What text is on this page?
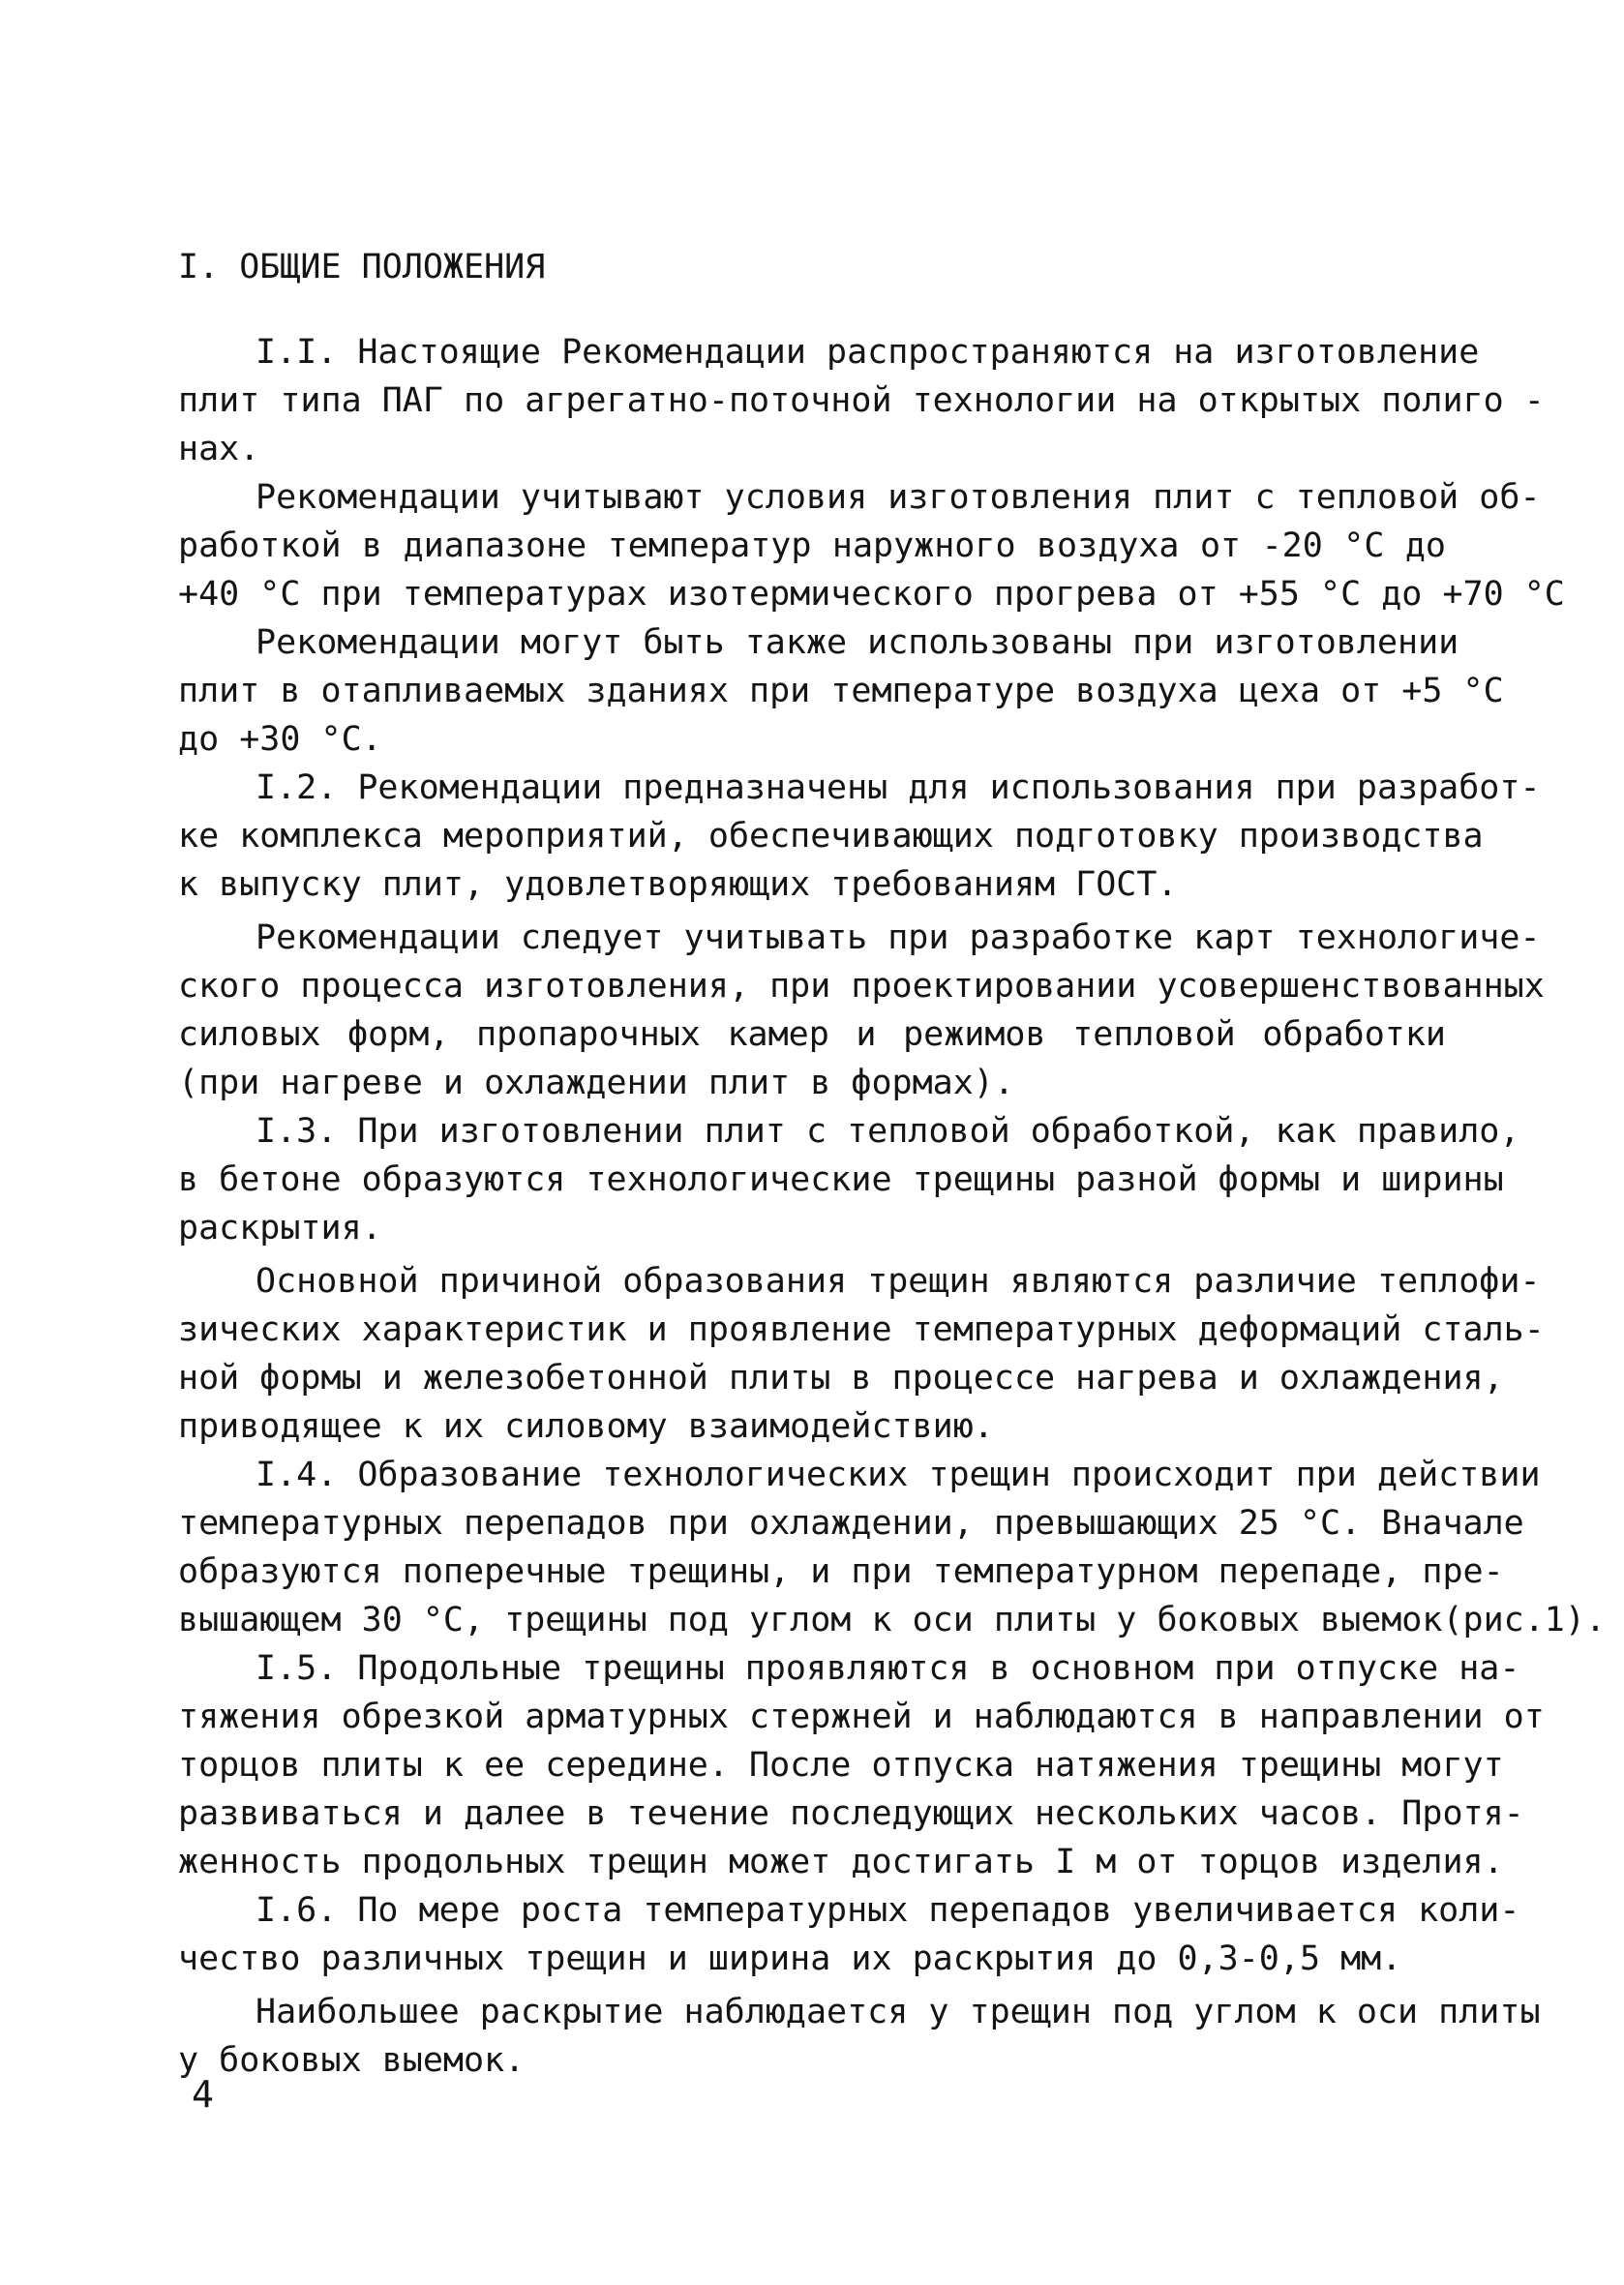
I. ОБЩИЕ ПОЛОЖЕНИЯ
I.I. Настоящие Рекомендации распространяются на изготовление
плит типа ПАГ по агрегатно-поточной технологии на открытых полиго -
нах.
Рекомендации учитывают условия изготовления плит с тепловой об-
работкой в диапазоне температур наружного воздуха от -20 °С до
+40 °С при температурах изотермического прогрева от +55 °С до +70 °С
Рекомендации могут быть также использованы при изготовлении
плит в отапливаемых зданиях при температуре воздуха цеха от +5 °С
до +30 °С.
I.2. Рекомендации предназначены для использования при разработ-
ке комплекса мероприятий, обеспечивающих подготовку производства
к выпуску плит, удовлетворяющих требованиям ГОСТ.
Рекомендации следует учитывать при разработке карт технологиче-
ского процесса изготовления, при проектировании усовершенствованных
силовых форм, пропарочных камер и режимов тепловой обработки
(при нагреве и охлаждении плит в формах).
I.3. При изготовлении плит с тепловой обработкой, как правило,
в бетоне образуются технологические трещины разной формы и ширины
раскрытия.
Основной причиной образования трещин являются различие теплофи-
зических характеристик и проявление температурных деформаций сталь-
ной формы и железобетонной плиты в процессе нагрева и охлаждения,
приводящее к их силовому взаимодействию.
I.4. Образование технологических трещин происходит при действии
температурных перепадов при охлаждении, превышающих 25 °С. Вначале
образуются поперечные трещины, и при температурном перепаде, пре-
вышающем 30 °С, трещины под углом к оси плиты у боковых выемок(рис.1).
I.5. Продольные трещины проявляются в основном при отпуске на-
тяжения обрезкой арматурных стержней и наблюдаются в направлении от
торцов плиты к ее середине. После отпуска натяжения трещины могут
развиваться и далее в течение последующих нескольких часов. Протя-
женность продольных трещин может достигать I м от торцов изделия.
I.6. По мере роста температурных перепадов увеличивается коли-
чество различных трещин и ширина их раскрытия до 0,3-0,5 мм.
Наибольшее раскрытие наблюдается у трещин под углом к оси плиты
у боковых выемок.
4
